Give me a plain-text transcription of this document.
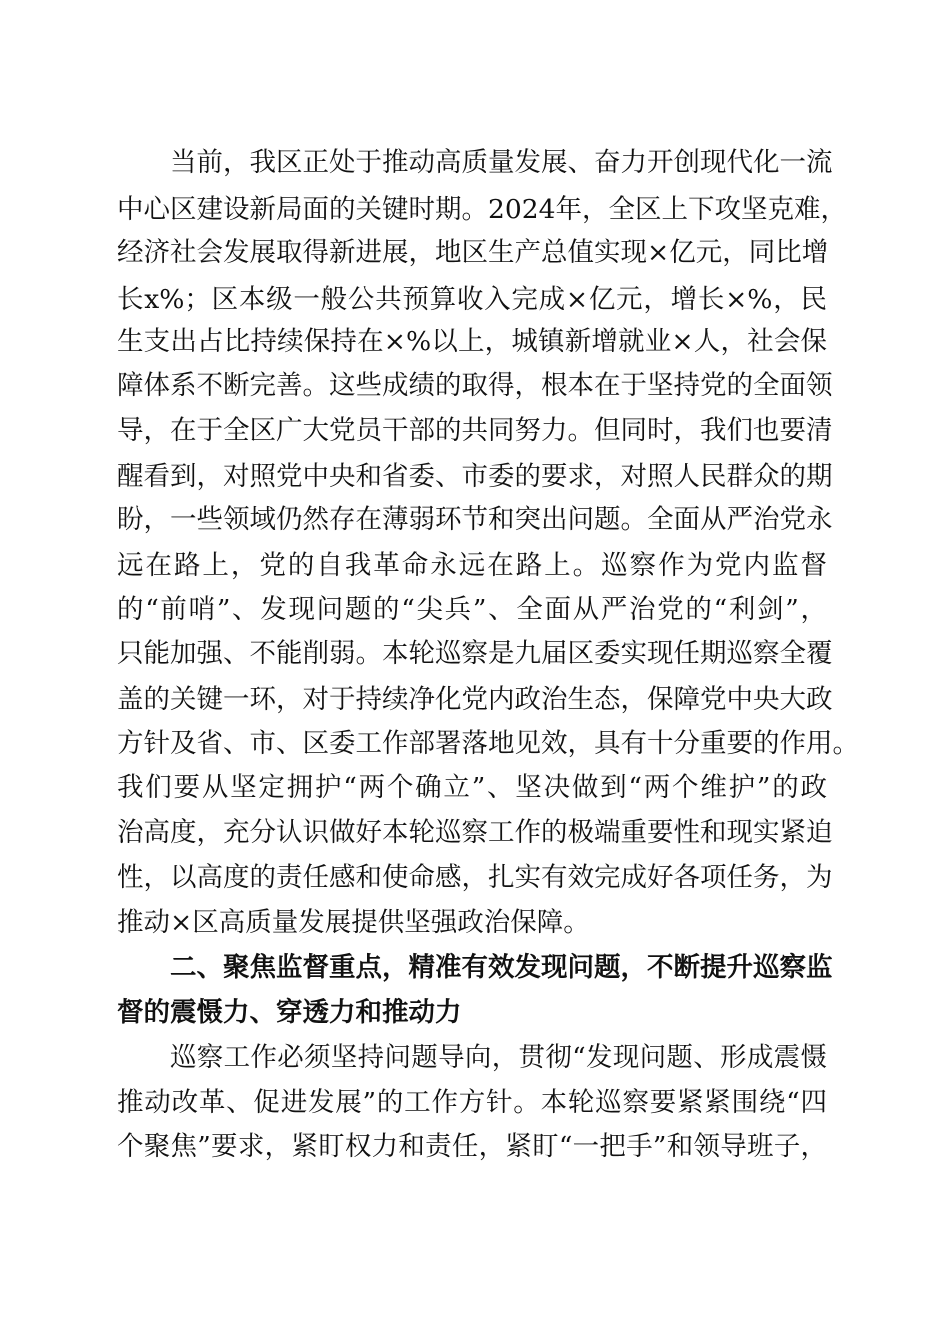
当前，我区正处于推动高质量发展、奋力开创现代化一流
中心区建设新局面的关键时期。2024年，全区上下攻坚克难，
经济社会发展取得新进展，地区生产总值实现×亿元，同比增
长x%；区本级一般公共预算收入完成×亿元，增长×%，民
生支出占比持续保持在×%以上，城镇新增就业×人，社会保
障体系不断完善。这些成绩的取得，根本在于坚持党的全面领
导，在于全区广大党员干部的共同努力。但同时，我们也要清
醒看到，对照党中央和省委、市委的要求，对照人民群众的期
盼，一些领域仍然存在薄弱环节和突出问题。全面从严治党永
远在路上，党的自我革命永远在路上。巡察作为党内监督
的“前哨”、发现问题的“尖兵”、全面从严治党的“利剑”，
只能加强、不能削弱。本轮巡察是九届区委实现任期巡察全覆
盖的关键一环，对于持续净化党内政治生态，保障党中央大政
方针及省、市、区委工作部署落地见效，具有十分重要的作用。
我们要从坚定拥护“两个确立”、坚决做到“两个维护”的政
治高度，充分认识做好本轮巡察工作的极端重要性和现实紧迫
性，以高度的责任感和使命感，扎实有效完成好各项任务，为
推动×区高质量发展提供坚强政治保障。
二、聚焦监督重点，精准有效发现问题，不断提升巡察监
督的震慑力、穿透力和推动力
巡察工作必须坚持问题导向，贯彻“发现问题、形成震慑
推动改革、促进发展”的工作方针。本轮巡察要紧紧围绕“四
个聚焦”要求，紧盯权力和责任，紧盯“一把手”和领导班子，
